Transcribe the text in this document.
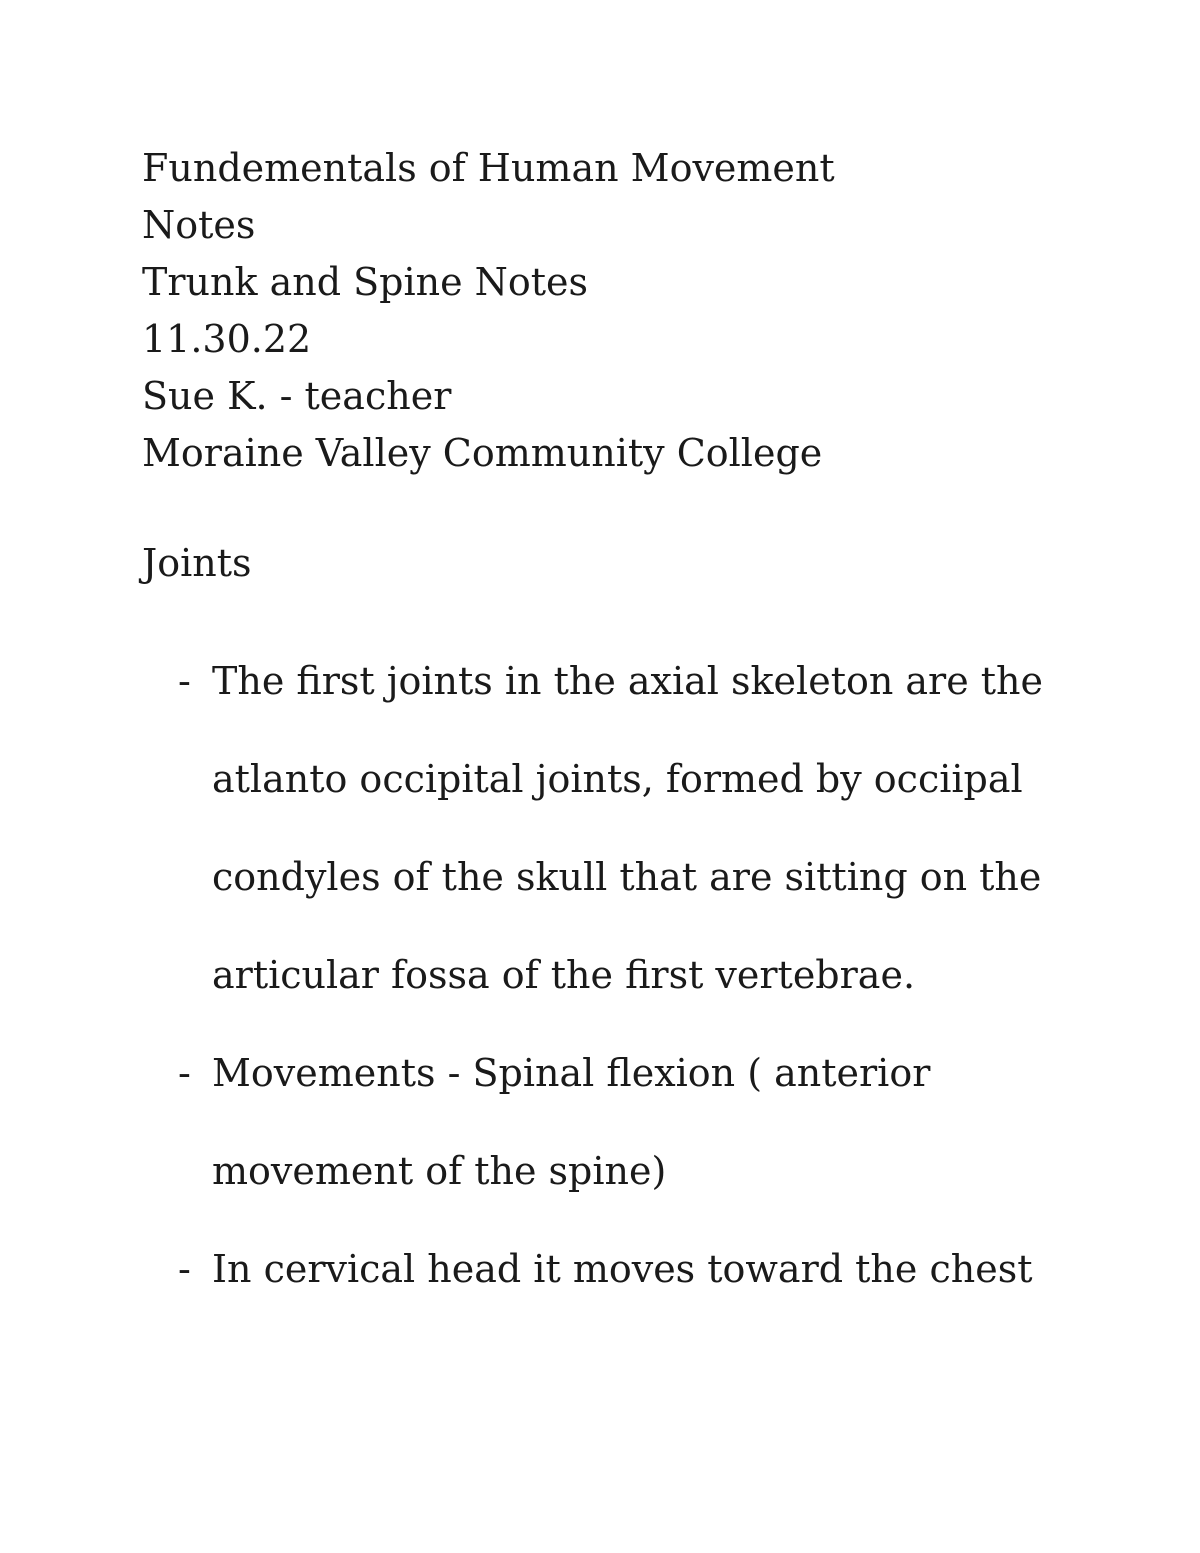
Fundementals of Human Movement
Notes
Trunk and Spine Notes
11.30.22
Sue K. - teacher
Moraine Valley Community College
Joints
- The first joints in the axial skeleton are the
atlanto occipital joints, formed by occiipal
condyles of the skull that are sitting on the
articular fossa of the first vertebrae.
- Movements - Spinal flexion ( anterior
movement of the spine)
- In cervical head it moves toward the chest
